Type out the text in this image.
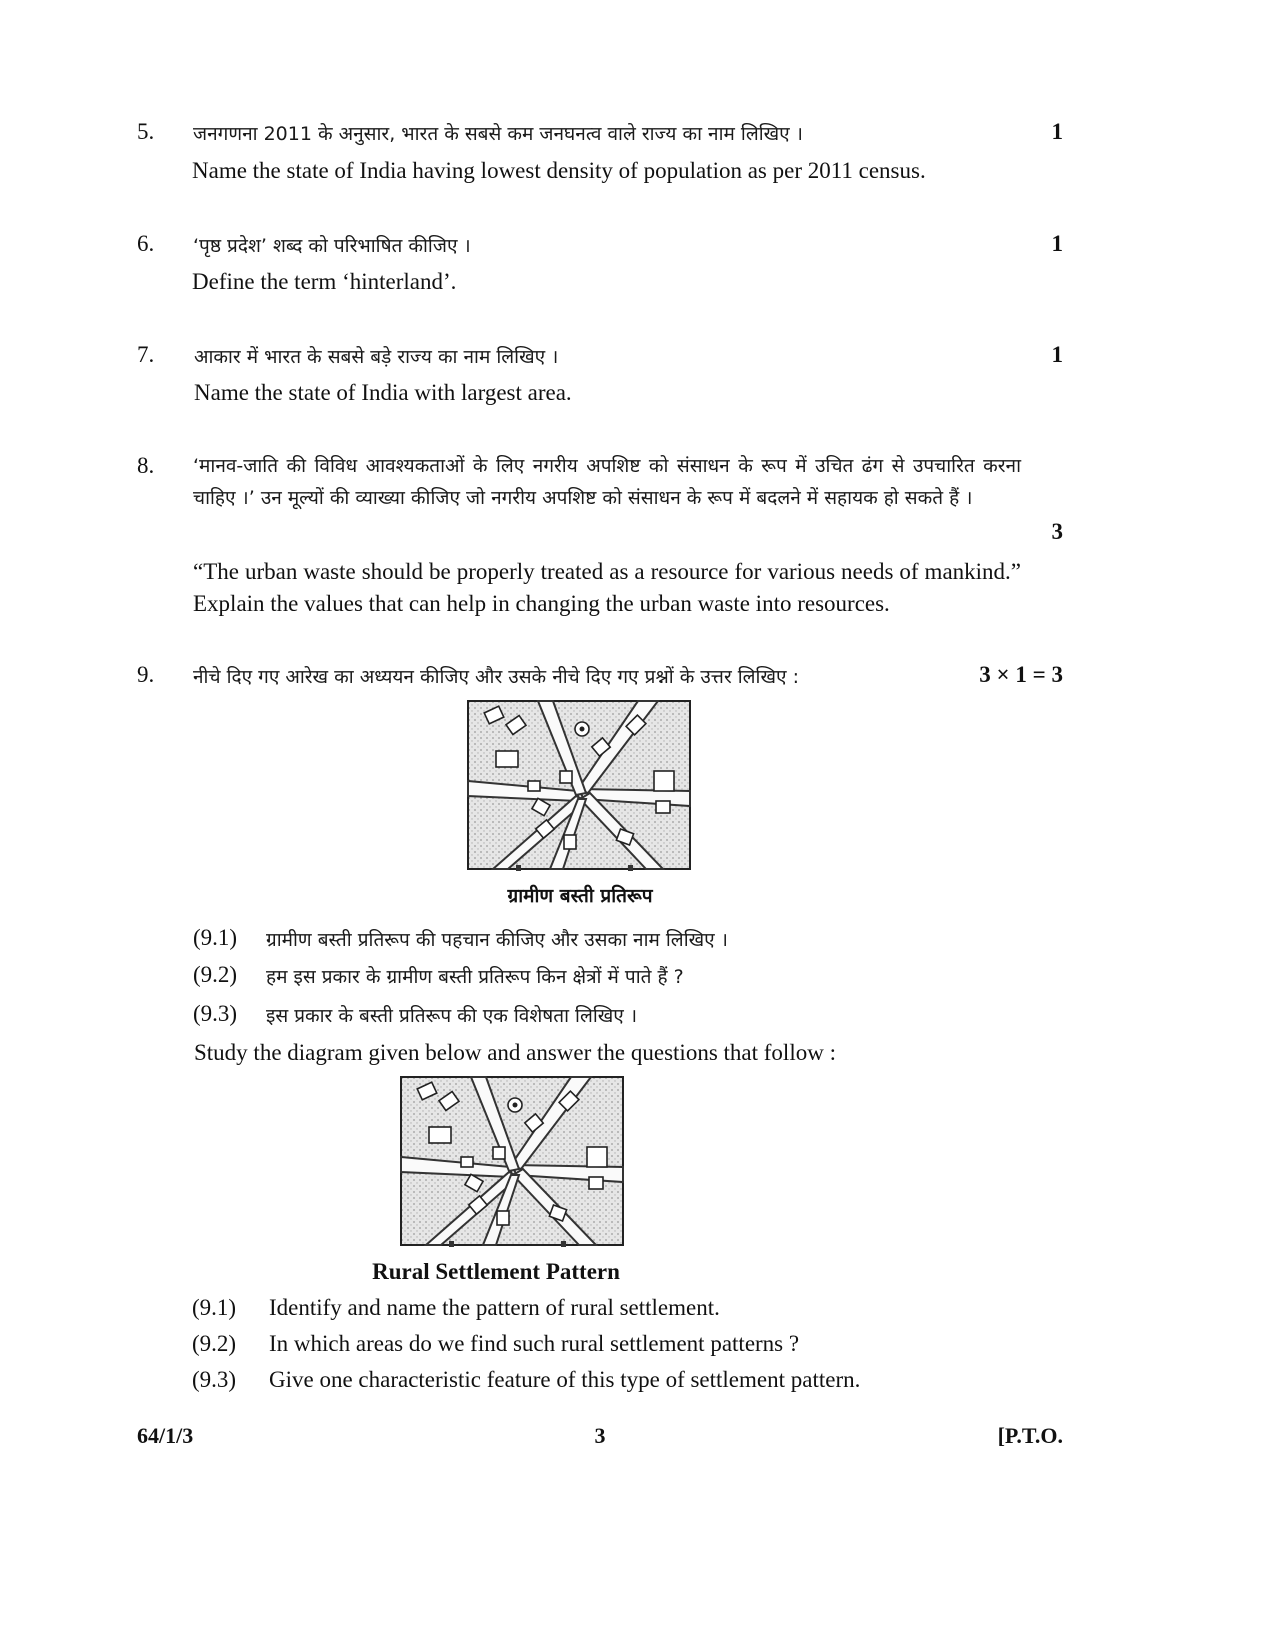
5. जनगणना 2011 के अनुसार, भारत के सबसे कम जनघनत्व वाले राज्य का नाम लिखिए ।	1
Name the state of India having lowest density of population as per 2011 census.
6. ‘पृष्ठ प्रदेश’ शब्द को परिभाषित कीजिए ।	1
Define the term ‘hinterland’.
7. आकार में भारत के सबसे बड़े राज्य का नाम लिखिए ।	1
Name the state of India with largest area.
8. ‘मानव-जाति की विविध आवश्यकताओं के लिए नगरीय अपशिष्ट को संसाधन के रूप में उचित ढंग से उपचारित करना चाहिए ।’ उन मूल्यों की व्याख्या कीजिए जो नगरीय अपशिष्ट को संसाधन के रूप में बदलने में सहायक हो सकते हैं ।
3
“The urban waste should be properly treated as a resource for various needs of mankind.” Explain the values that can help in changing the urban waste into resources.
9. नीचे दिए गए आरेख का अध्ययन कीजिए और उसके नीचे दिए गए प्रश्नों के उत्तर लिखिए :	3 × 1 = 3
ग्रामीण बस्ती प्रतिरूप
(9.1) ग्रामीण बस्ती प्रतिरूप की पहचान कीजिए और उसका नाम लिखिए ।
(9.2) हम इस प्रकार के ग्रामीण बस्ती प्रतिरूप किन क्षेत्रों में पाते हैं ?
(9.3) इस प्रकार के बस्ती प्रतिरूप की एक विशेषता लिखिए ।
Study the diagram given below and answer the questions that follow :
Rural Settlement Pattern
(9.1) Identify and name the pattern of rural settlement.
(9.2) In which areas do we find such rural settlement patterns ?
(9.3) Give one characteristic feature of this type of settlement pattern.
64/1/3	3	[P.T.O.
